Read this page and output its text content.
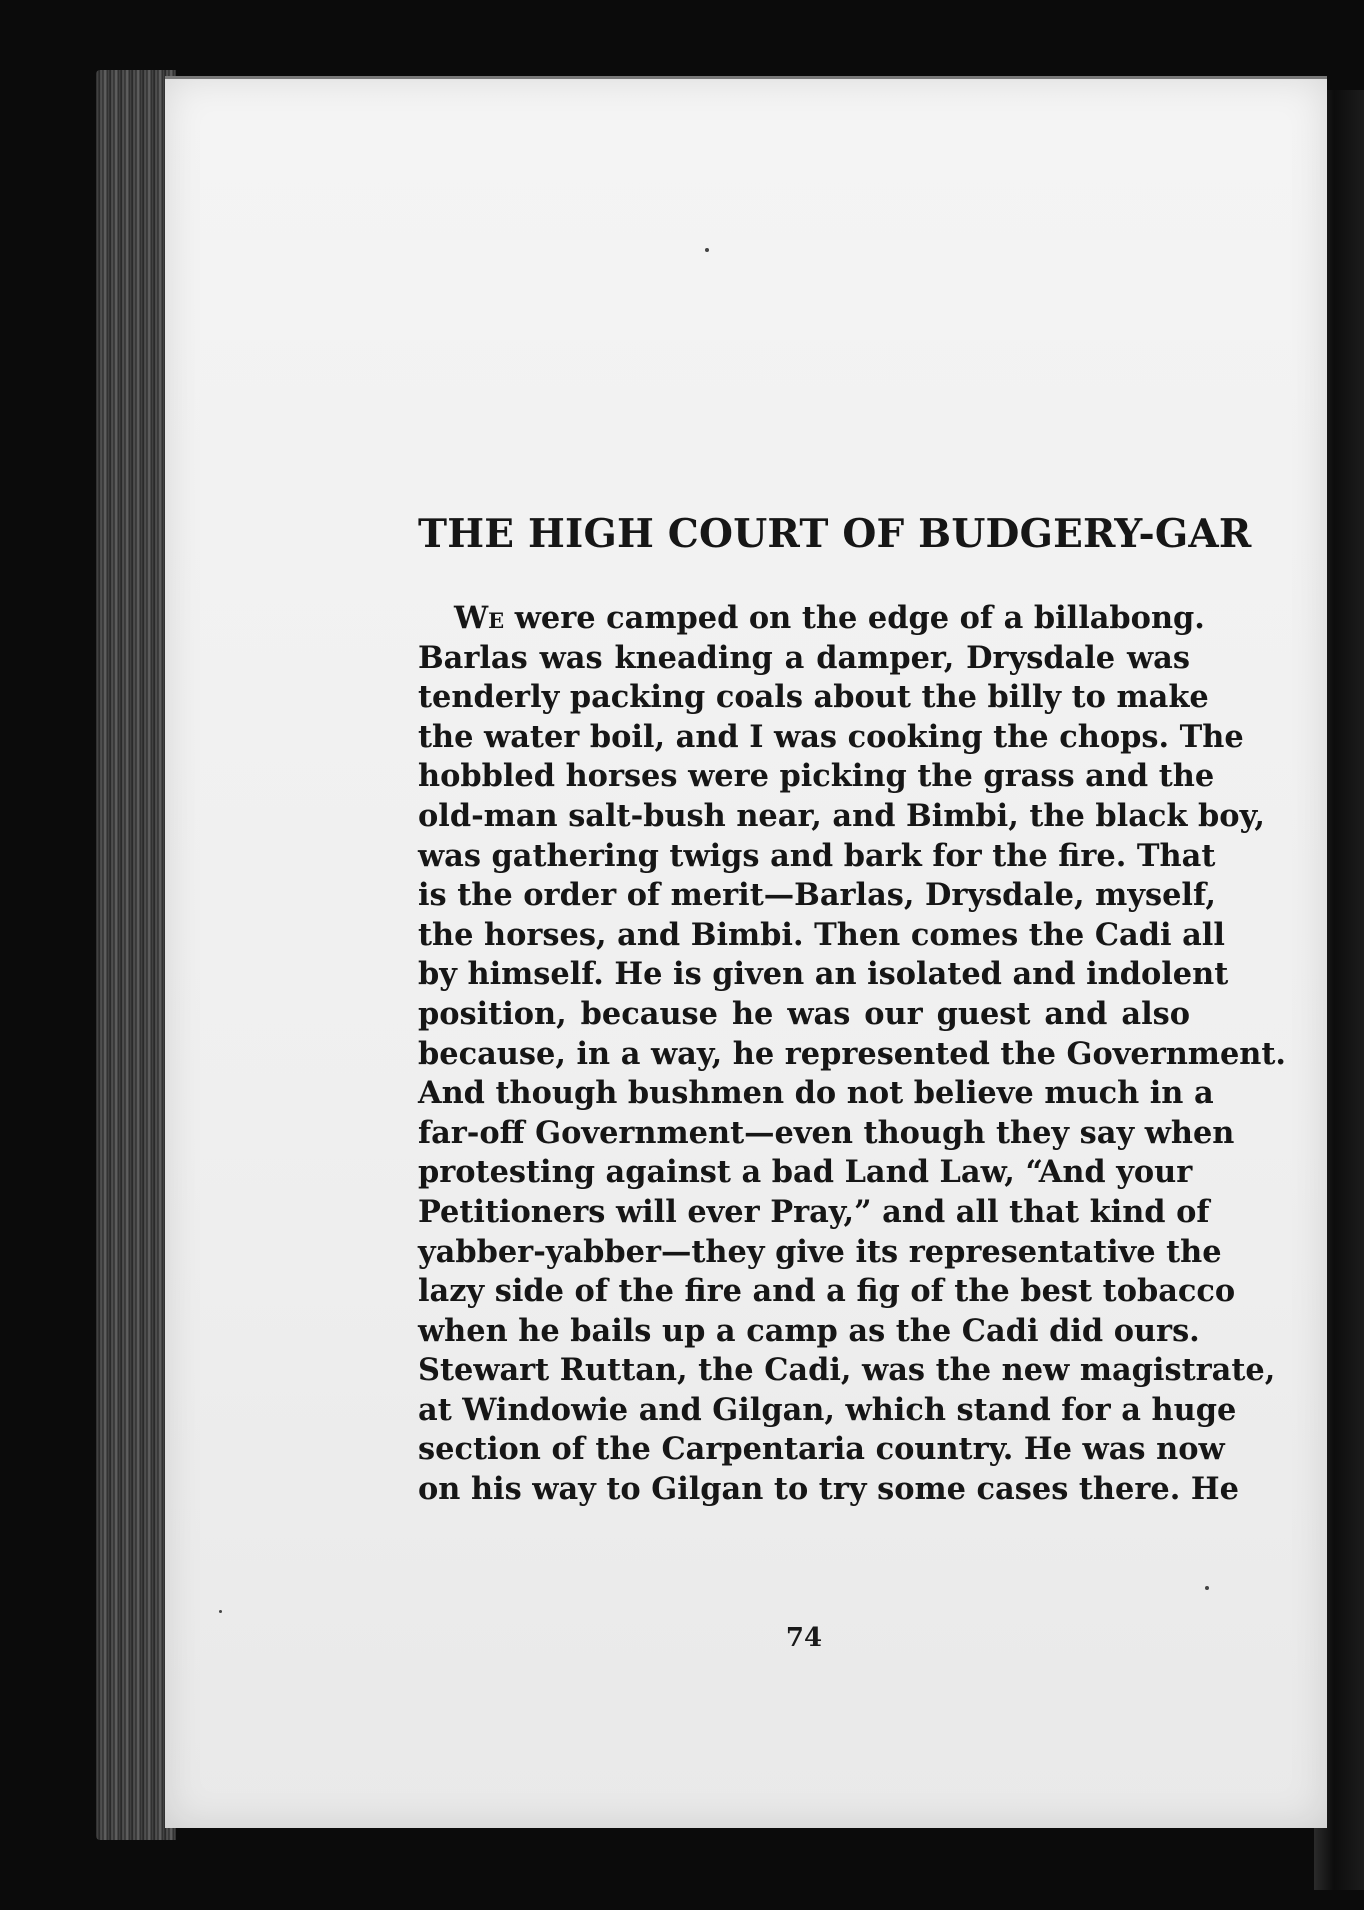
THE HIGH COURT OF BUDGERY-GAR
We were camped on the edge of a billabong.
Barlas was kneading a damper, Drysdale was
tenderly packing coals about the billy to make
the water boil, and I was cooking the chops. The
hobbled horses were picking the grass and the
old-man salt-bush near, and Bimbi, the black boy,
was gathering twigs and bark for the fire. That
is the order of merit—Barlas, Drysdale, myself,
the horses, and Bimbi. Then comes the Cadi all
by himself. He is given an isolated and indolent
position, because he was our guest and also
because, in a way, he represented the Government.
And though bushmen do not believe much in a
far-off Government—even though they say when
protesting against a bad Land Law, “And your
Petitioners will ever Pray,” and all that kind of
yabber-yabber—they give its representative the
lazy side of the fire and a fig of the best tobacco
when he bails up a camp as the Cadi did ours.
Stewart Ruttan, the Cadi, was the new magistrate,
at Windowie and Gilgan, which stand for a huge
section of the Carpentaria country. He was now
on his way to Gilgan to try some cases there. He
74
